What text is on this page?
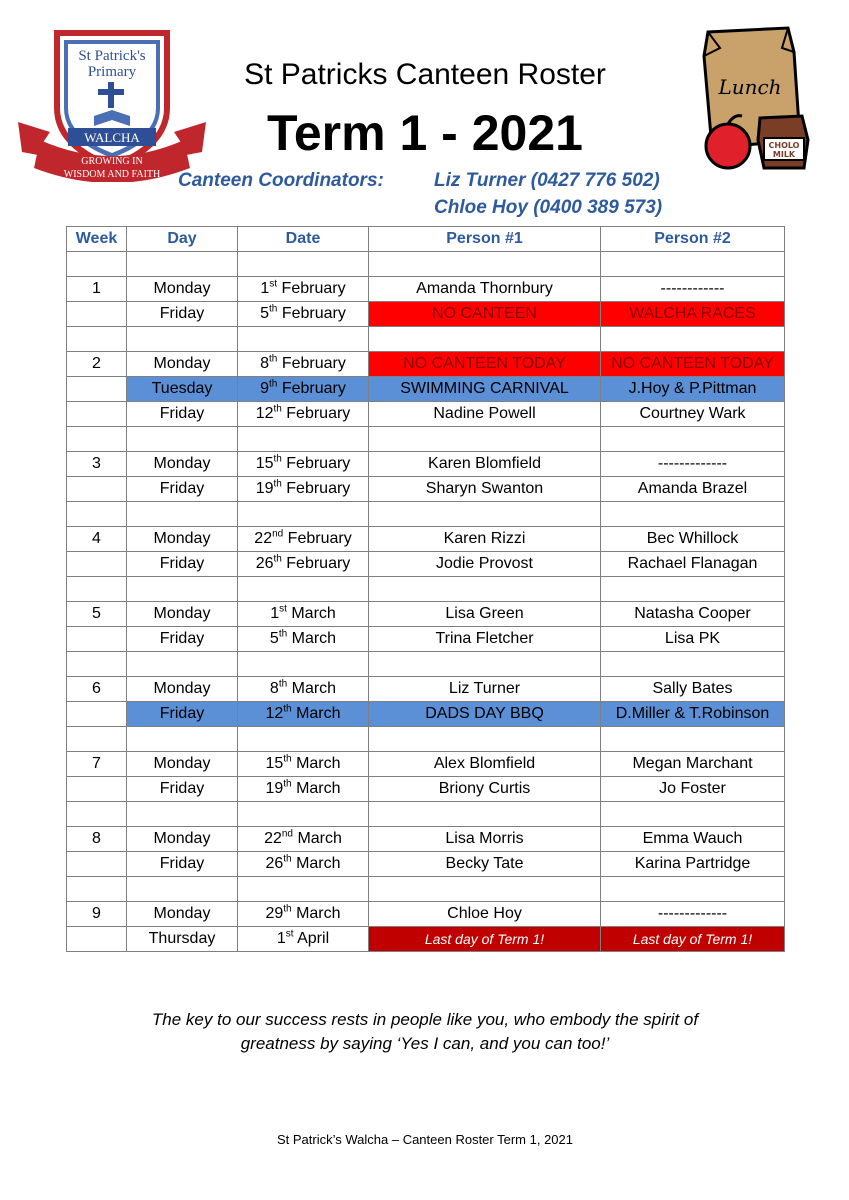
St Patrick's
Primary
WALCHA
GROWING IN
WISDOM AND FAITH
Lunch
CHOLO
MILK
St Patricks Canteen Roster
Term 1 - 2021
Canteen Coordinators:	Liz Turner (0427 776 502)
Chloe Hoy (0400 389 573)
Week	Day	Date	Person #1	Person #2

1	Monday	1st February	Amanda Thornbury	------------
	Friday	5th February	NO CANTEEN	WALCHA RACES

2	Monday	8th February	NO CANTEEN TODAY	NO CANTEEN TODAY
	Tuesday	9th February	SWIMMING CARNIVAL	J.Hoy & P.Pittman
	Friday	12th February	Nadine Powell	Courtney Wark

3	Monday	15th February	Karen Blomfield	-------------
	Friday	19th February	Sharyn Swanton	Amanda Brazel

4	Monday	22nd February	Karen Rizzi	Bec Whillock
	Friday	26th February	Jodie Provost	Rachael Flanagan

5	Monday	1st March	Lisa Green	Natasha Cooper
	Friday	5th March	Trina Fletcher	Lisa PK

6	Monday	8th March	Liz Turner	Sally Bates
	Friday	12th March	DADS DAY BBQ	D.Miller & T.Robinson

7	Monday	15th March	Alex Blomfield	Megan Marchant
	Friday	19th March	Briony Curtis	Jo Foster

8	Monday	22nd March	Lisa Morris	Emma Wauch
	Friday	26th March	Becky Tate	Karina Partridge

9	Monday	29th March	Chloe Hoy	-------------
	Thursday	1st April	Last day of Term 1!	Last day of Term 1!
The key to our success rests in people like you, who embody the spirit of
greatness by saying ‘Yes I can, and you can too!’
St Patrick’s Walcha – Canteen Roster Term 1, 2021
